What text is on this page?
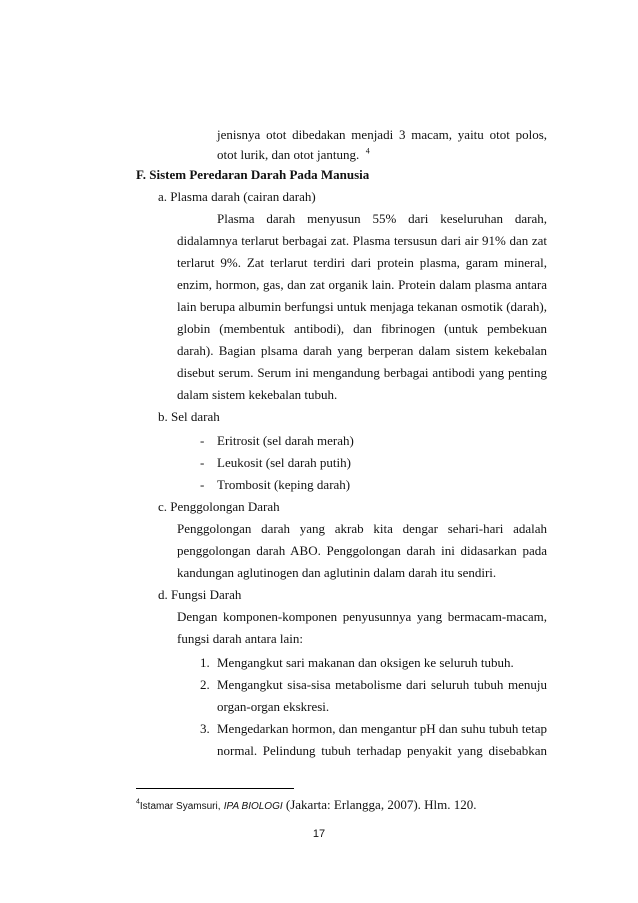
jenisnya otot dibedakan menjadi 3 macam, yaitu otot polos,
otot lurik, dan otot jantung. $^4$
F. Sistem Peredaran Darah Pada Manusia
a. Plasma darah (cairan darah)
Plasma darah menyusun 55% dari keseluruhan darah,
didalamnya terlarut berbagai zat. Plasma tersusun dari air 91% dan zat
terlarut 9%. Zat terlarut terdiri dari protein plasma, garam mineral,
enzim, hormon, gas, dan zat organik lain. Protein dalam plasma antara
lain berupa albumin berfungsi untuk menjaga tekanan osmotik (darah),
globin (membentuk antibodi), dan fibrinogen (untuk pembekuan
darah). Bagian plsama darah yang berperan dalam sistem kekebalan
disebut serum. Serum ini mengandung berbagai antibodi yang penting
dalam sistem kekebalan tubuh.
b. Sel darah
- Eritrosit (sel darah merah)
- Leukosit (sel darah putih)
- Trombosit (keping darah)
c. Penggolongan Darah
Penggolongan darah yang akrab kita dengar sehari-hari adalah
penggolongan darah ABO. Penggolongan darah ini didasarkan pada
kandungan aglutinogen dan aglutinin dalam darah itu sendiri.
d. Fungsi Darah
Dengan komponen-komponen penyusunnya yang bermacam-macam,
fungsi darah antara lain:
1. Mengangkut sari makanan dan oksigen ke seluruh tubuh.
2. Mengangkut sisa-sisa metabolisme dari seluruh tubuh menuju
organ-organ ekskresi.
3. Mengedarkan hormon, dan mengantur pH dan suhu tubuh tetap
normal. Pelindung tubuh terhadap penyakit yang disebabkan
$^4$Istamar Syamsuri, IPA BIOLOGI (Jakarta: Erlangga, 2007). Hlm. 120.
17
